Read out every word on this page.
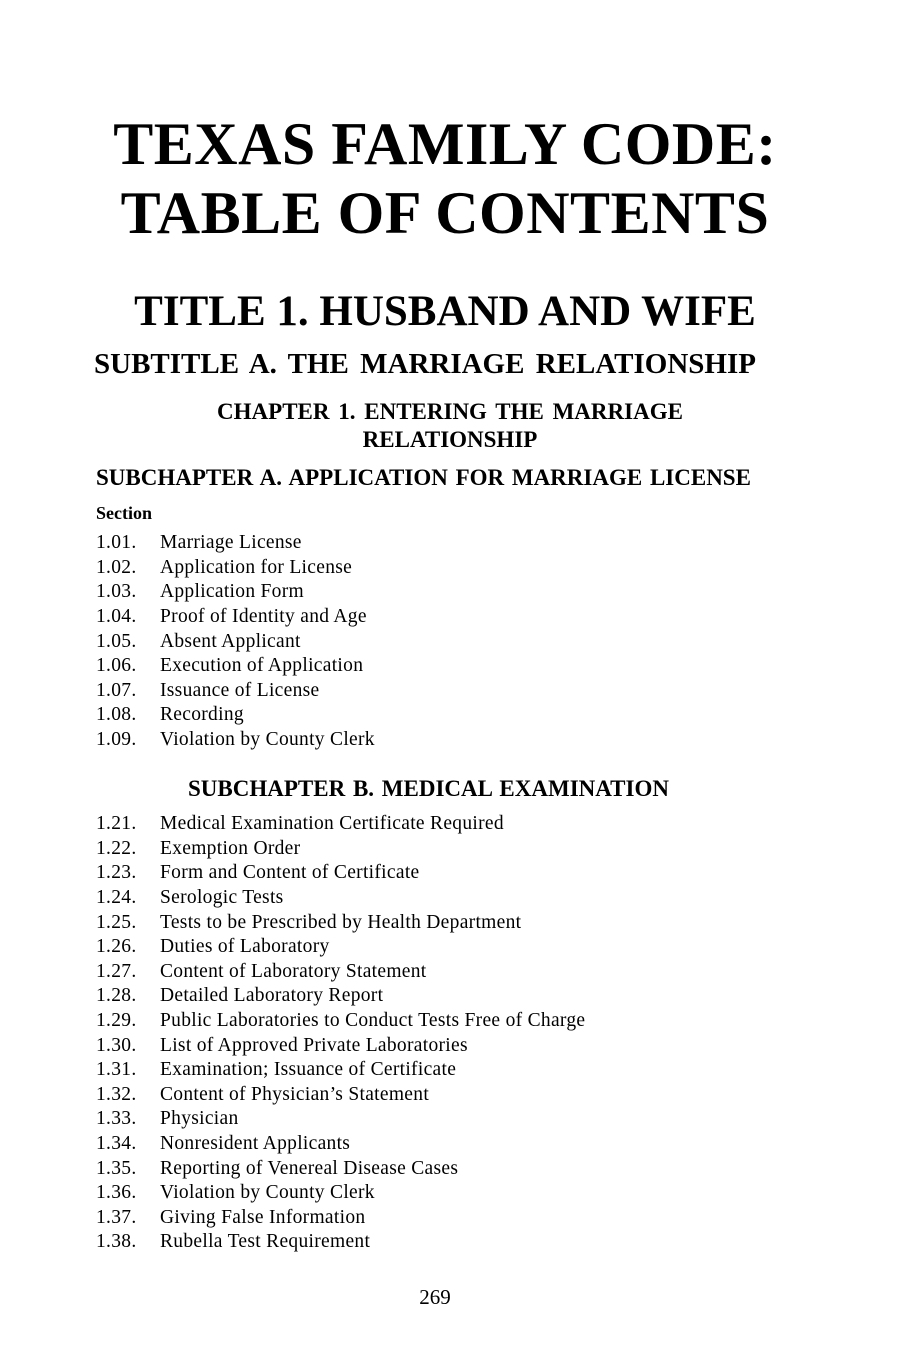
TEXAS FAMILY CODE:
TABLE OF CONTENTS
TITLE 1. HUSBAND AND WIFE
SUBTITLE A. THE MARRIAGE RELATIONSHIP
CHAPTER 1. ENTERING THE MARRIAGE
RELATIONSHIP
SUBCHAPTER A. APPLICATION FOR MARRIAGE LICENSE
Section
1.01.	Marriage License
1.02.	Application for License
1.03.	Application Form
1.04.	Proof of Identity and Age
1.05.	Absent Applicant
1.06.	Execution of Application
1.07.	Issuance of License
1.08.	Recording
1.09.	Violation by County Clerk
SUBCHAPTER B. MEDICAL EXAMINATION
1.21.	Medical Examination Certificate Required
1.22.	Exemption Order
1.23.	Form and Content of Certificate
1.24.	Serologic Tests
1.25.	Tests to be Prescribed by Health Department
1.26.	Duties of Laboratory
1.27.	Content of Laboratory Statement
1.28.	Detailed Laboratory Report
1.29.	Public Laboratories to Conduct Tests Free of Charge
1.30.	List of Approved Private Laboratories
1.31.	Examination; Issuance of Certificate
1.32.	Content of Physician’s Statement
1.33.	Physician
1.34.	Nonresident Applicants
1.35.	Reporting of Venereal Disease Cases
1.36.	Violation by County Clerk
1.37.	Giving False Information
1.38.	Rubella Test Requirement
269
